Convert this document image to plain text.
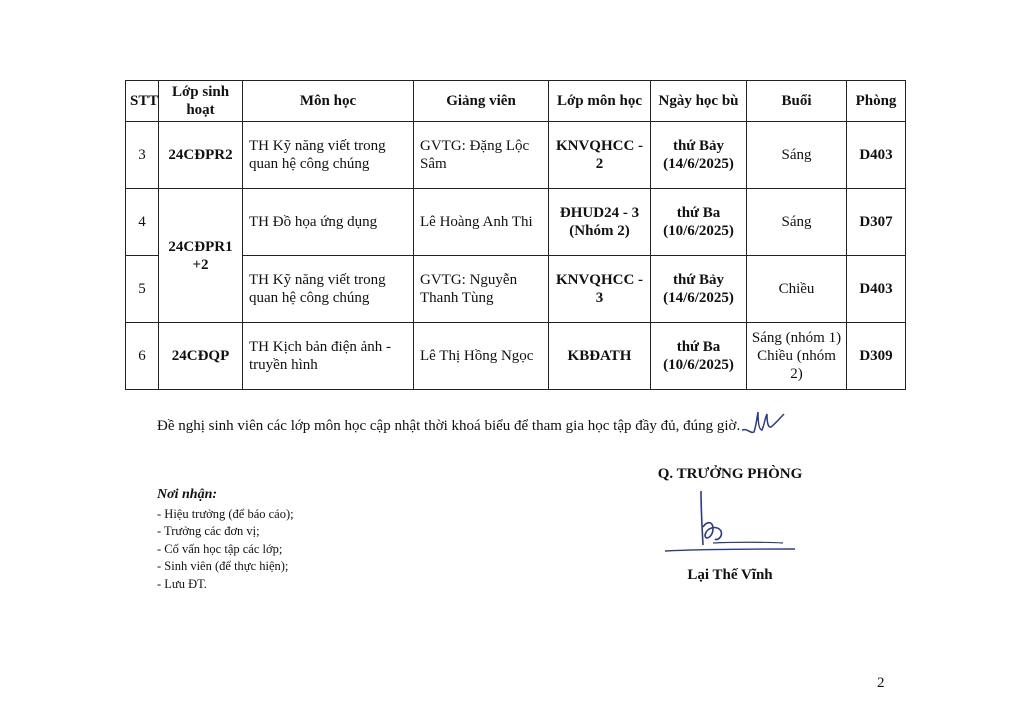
STT	Lớp sinh hoạt	Môn học	Giảng viên	Lớp môn học	Ngày học bù	Buổi	Phòng
3	24CĐPR2	TH Kỹ năng viết trong quan hệ công chúng	GVTG: Đặng Lộc Sâm	KNVQHCC - 2	thứ Bảy (14/6/2025)	Sáng	D403
4	24CĐPR1 +2	TH Đồ họa ứng dụng	Lê Hoàng Anh Thi	ĐHUD24 - 3 (Nhóm 2)	thứ Ba (10/6/2025)	Sáng	D307
5		TH Kỹ năng viết trong quan hệ công chúng	GVTG: Nguyễn Thanh Tùng	KNVQHCC - 3	thứ Bảy (14/6/2025)	Chiều	D403
6	24CĐQP	TH Kịch bản điện ảnh - truyền hình	Lê Thị Hồng Ngọc	KBĐATH	thứ Ba (10/6/2025)	Sáng (nhóm 1) Chiều (nhóm 2)	D309
Đề nghị sinh viên các lớp môn học cập nhật thời khoá biểu để tham gia học tập đầy đủ, đúng giờ.
Nơi nhận:
- Hiệu trưởng (để báo cáo);
- Trưởng các đơn vị;
- Cố vấn học tập các lớp;
- Sinh viên (để thực hiện);
- Lưu ĐT.
Q. TRƯỞNG PHÒNG
Lại Thế Vĩnh
2
